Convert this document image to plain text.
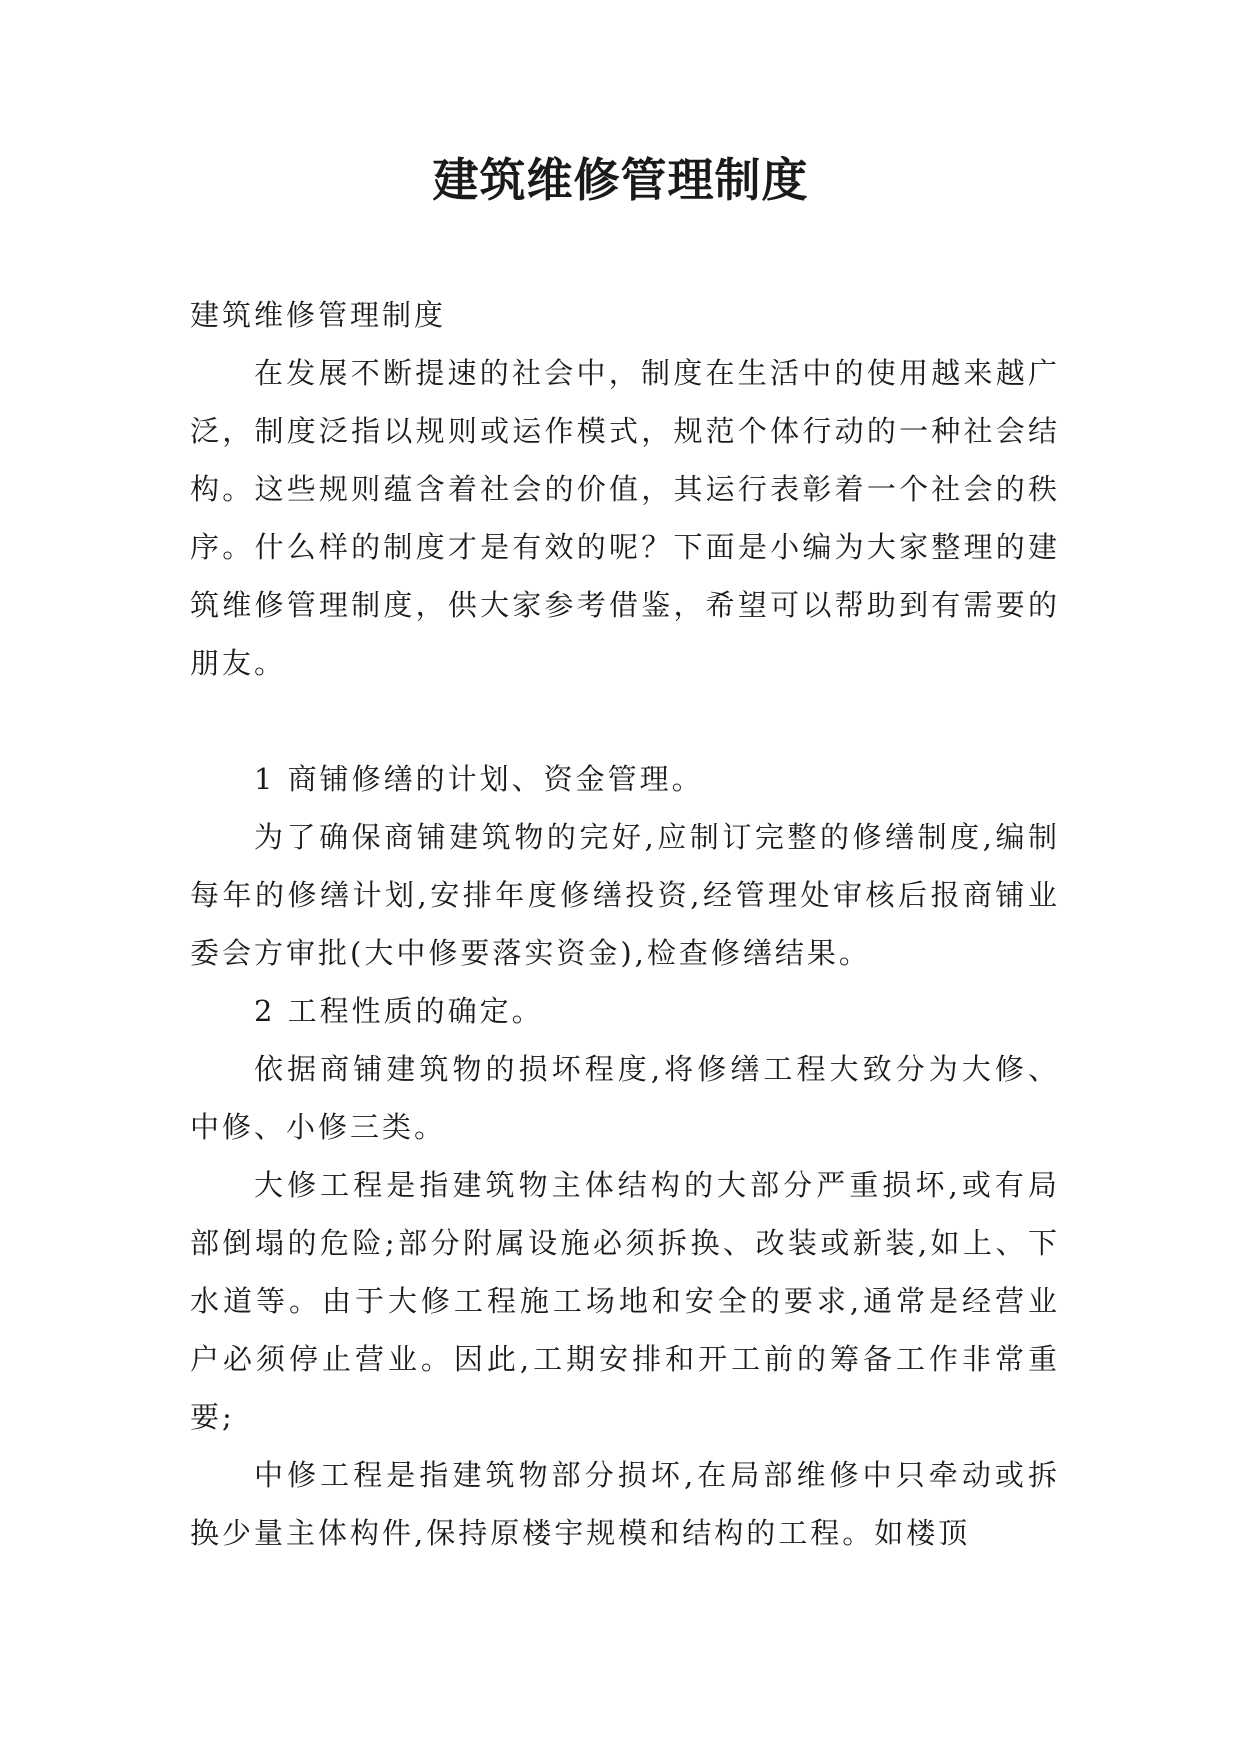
建筑维修管理制度

建筑维修管理制度

在发展不断提速的社会中，制度在生活中的使用越来越广泛，制度泛指以规则或运作模式，规范个体行动的一种社会结构。这些规则蕴含着社会的价值，其运行表彰着一个社会的秩序。什么样的制度才是有效的呢？下面是小编为大家整理的建筑维修管理制度，供大家参考借鉴，希望可以帮助到有需要的朋友。

1 商铺修缮的计划、资金管理。

为了确保商铺建筑物的完好,应制订完整的修缮制度,编制每年的修缮计划,安排年度修缮投资,经管理处审核后报商铺业委会方审批(大中修要落实资金),检查修缮结果。

2 工程性质的确定。

依据商铺建筑物的损坏程度,将修缮工程大致分为大修、中修、小修三类。

大修工程是指建筑物主体结构的大部分严重损坏,或有局部倒塌的危险;部分附属设施必须拆换、改装或新装,如上、下水道等。由于大修工程施工场地和安全的要求,通常是经营业户必须停止营业。因此,工期安排和开工前的筹备工作非常重要;

中修工程是指建筑物部分损坏,在局部维修中只牵动或拆换少量主体构件,保持原楼宇规模和结构的工程。如楼顶
